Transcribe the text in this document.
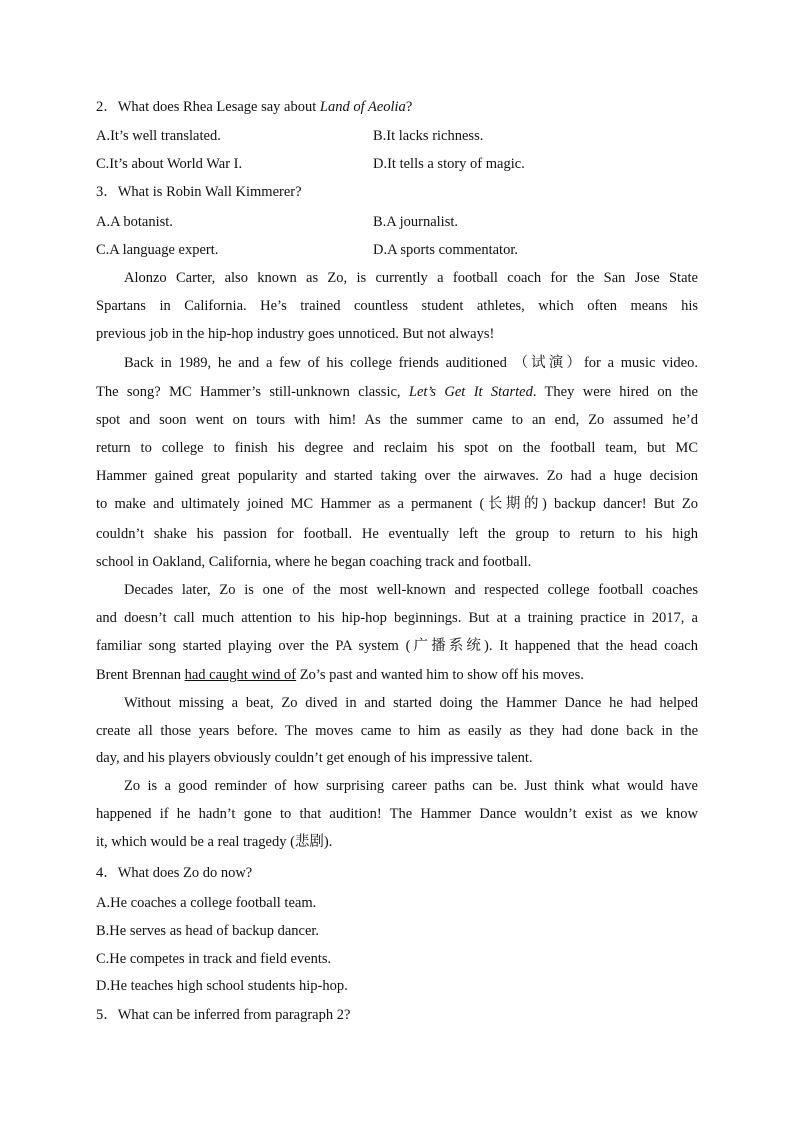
2．What does Rhea Lesage say about Land of Aeolia?
A.It’s well translated.	B.It lacks richness.
C.It’s about World War I.	D.It tells a story of magic.
3．What is Robin Wall Kimmerer?
A.A botanist.	B.A journalist.
C.A language expert.	D.A sports commentator.
Alonzo Carter, also known as Zo, is currently a football coach for the San Jose State
Spartans in California. He’s trained countless student athletes, which often means his
previous job in the hip-hop industry goes unnoticed. But not always!
Back in 1989, he and a few of his college friends auditioned （试演）for a music video.
The song? MC Hammer’s still-unknown classic, Let’s Get It Started. They were hired on the
spot and soon went on tours with him! As the summer came to an end, Zo assumed he’d
return to college to finish his degree and reclaim his spot on the football team, but MC
Hammer gained great popularity and started taking over the airwaves. Zo had a huge decision
to make and ultimately joined MC Hammer as a permanent (长期的) backup dancer! But Zo
couldn’t shake his passion for football. He eventually left the group to return to his high
school in Oakland, California, where he began coaching track and football.
Decades later, Zo is one of the most well-known and respected college football coaches
and doesn’t call much attention to his hip-hop beginnings. But at a training practice in 2017, a
familiar song started playing over the PA system (广播系统). It happened that the head coach
Brent Brennan had caught wind of Zo’s past and wanted him to show off his moves.
Without missing a beat, Zo dived in and started doing the Hammer Dance he had helped
create all those years before. The moves came to him as easily as they had done back in the
day, and his players obviously couldn’t get enough of his impressive talent.
Zo is a good reminder of how surprising career paths can be. Just think what would have
happened if he hadn’t gone to that audition! The Hammer Dance wouldn’t exist as we know
it, which would be a real tragedy (悲剧).
4．What does Zo do now?
A.He coaches a college football team.
B.He serves as head of backup dancer.
C.He competes in track and field events.
D.He teaches high school students hip-hop.
5．What can be inferred from paragraph 2?
